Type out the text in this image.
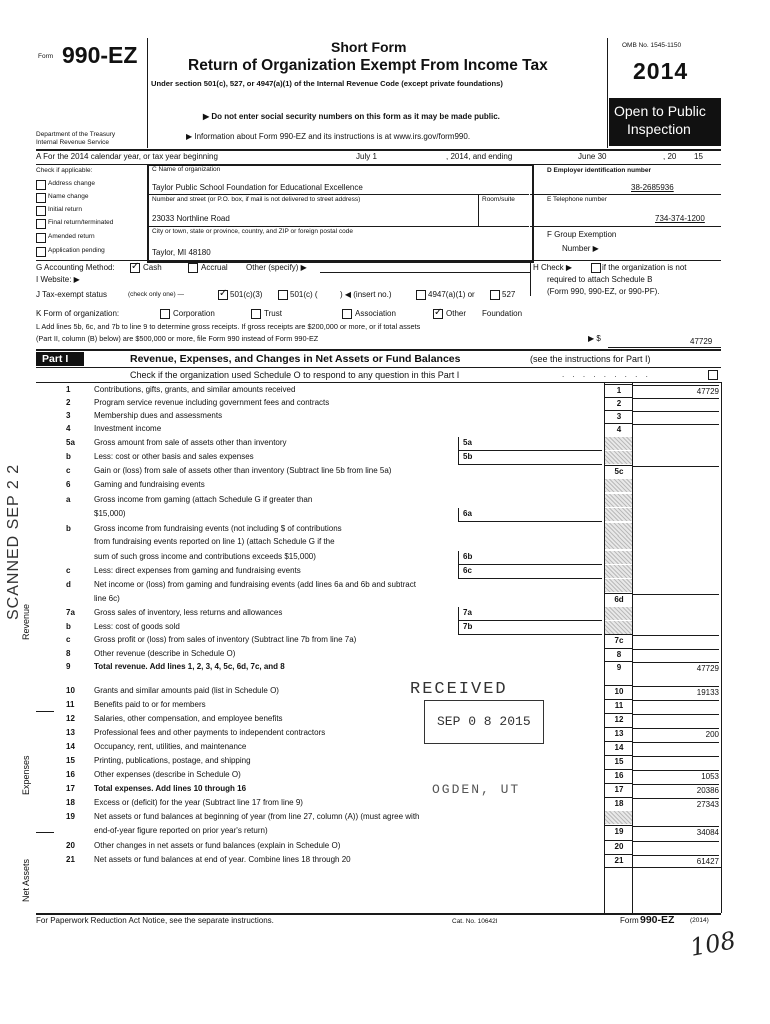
Form 990-EZ
Department of the Treasury
Internal Revenue Service
Short Form
Return of Organization Exempt From Income Tax
Under section 501(c), 527, or 4947(a)(1) of the Internal Revenue Code (except private foundations)
▶ Do not enter social security numbers on this form as it may be made public.
▶ Information about Form 990-EZ and its instructions is at www.irs.gov/form990.
OMB No. 1545-1150
2014
Open to Public
Inspection
A For the 2014 calendar year, or tax year beginning	July 1	, 2014, and ending	June 30	, 20 15
Check if applicable:
Address change
Name change
Initial return
Final return/terminated
Amended return
Application pending
C Name of organization
Taylor Public School Foundation for Educational Excellence
Number and street (or P.O. box, if mail is not delivered to street address)	Room/suite
23033 Northline Road
City or town, state or province, country, and ZIP or foreign postal code
Taylor, MI 48180
D Employer identification number
38-2685936
E Telephone number
734-374-1200
F Group Exemption
Number ▶
G Accounting Method: ✓	Cash	Accrual Other (specify) ▶	H Check ▶	if the organization is not
required to attach Schedule B
(Form 990, 990-EZ, or 990-PF).
I Website: ▶
J Tax-exempt status	(check only one) — ✓	501(c)(3)	501(c) (	) ◀ (insert no.)	4947(a)(1) or	527
K Form of organization:	Corporation	Trust	Association ✓	Other Foundation
L Add lines 5b, 6c, and 7b to line 9 to determine gross receipts. If gross receipts are $200,000 or more, or if total assets
(Part II, column (B) below) are $500,000 or more, file Form 990 instead of Form 990-EZ	▶ $	47729
Part I	Revenue, Expenses, and Changes in Net Assets or Fund Balances	(see the instructions for Part I)
Check if the organization used Schedule O to respond to any question in this Part I	. . . . . . . . .
Revenue
SCANNED SEP 2 2
Expenses
Net Assets
1	Contributions, gifts, grants, and similar amounts received	1	47729
2	Program service revenue including government fees and contracts	2
3	Membership dues and assessments	3
4	Investment income	4
5a Gross amount from sale of assets other than inventory	5a
b	Less: cost or other basis and sales expenses	5b
c	Gain or (loss) from sale of assets other than inventory (Subtract line 5b from line 5a)	5c
6	Gaming and fundraising events
a	Gross income from gaming (attach Schedule G if greater than
$15,000)	6a
b	Gross income from fundraising events (not including $ of contributions
from fundraising events reported on line 1) (attach Schedule G if the
sum of such gross income and contributions exceeds $15,000)	6b
c	Less: direct expenses from gaming and fundraising events	6c
d	Net income or (loss) from gaming and fundraising events (add lines 6a and 6b and subtract
line 6c)	6d
7a Gross sales of inventory, less returns and allowances	7a
b	Less: cost of goods sold	7b
c	Gross profit or (loss) from sales of inventory (Subtract line 7b from line 7a)	7c
8	Other revenue (describe in Schedule O)	8
9	Total revenue. Add lines 1, 2, 3, 4, 5c, 6d, 7c, and 8	9	47729
10 Grants and similar amounts paid (list in Schedule O)	10	19133
11 Benefits paid to or for members	11
12 Salaries, other compensation, and employee benefits	12
13 Professional fees and other payments to independent contractors	13	200
14 Occupancy, rent, utilities, and maintenance	14
15 Printing, publications, postage, and shipping	15
16 Other expenses (describe in Schedule O)	16	1053
17 Total expenses. Add lines 10 through 16	17	20386
18 Excess or (deficit) for the year (Subtract line 17 from line 9)	18	27343
19 Net assets or fund balances at beginning of year (from line 27, column (A)) (must agree with
end-of-year figure reported on prior year's return)	19	34084
20 Other changes in net assets or fund balances (explain in Schedule O)	20
21 Net assets or fund balances at end of year. Combine lines 18 through 20	21	61427
RECEIVED
SEP 0 8 2015
OGDEN, UT
For Paperwork Reduction Act Notice, see the separate instructions.	Cat. No. 10642I	Form 990-EZ (2014)
108
